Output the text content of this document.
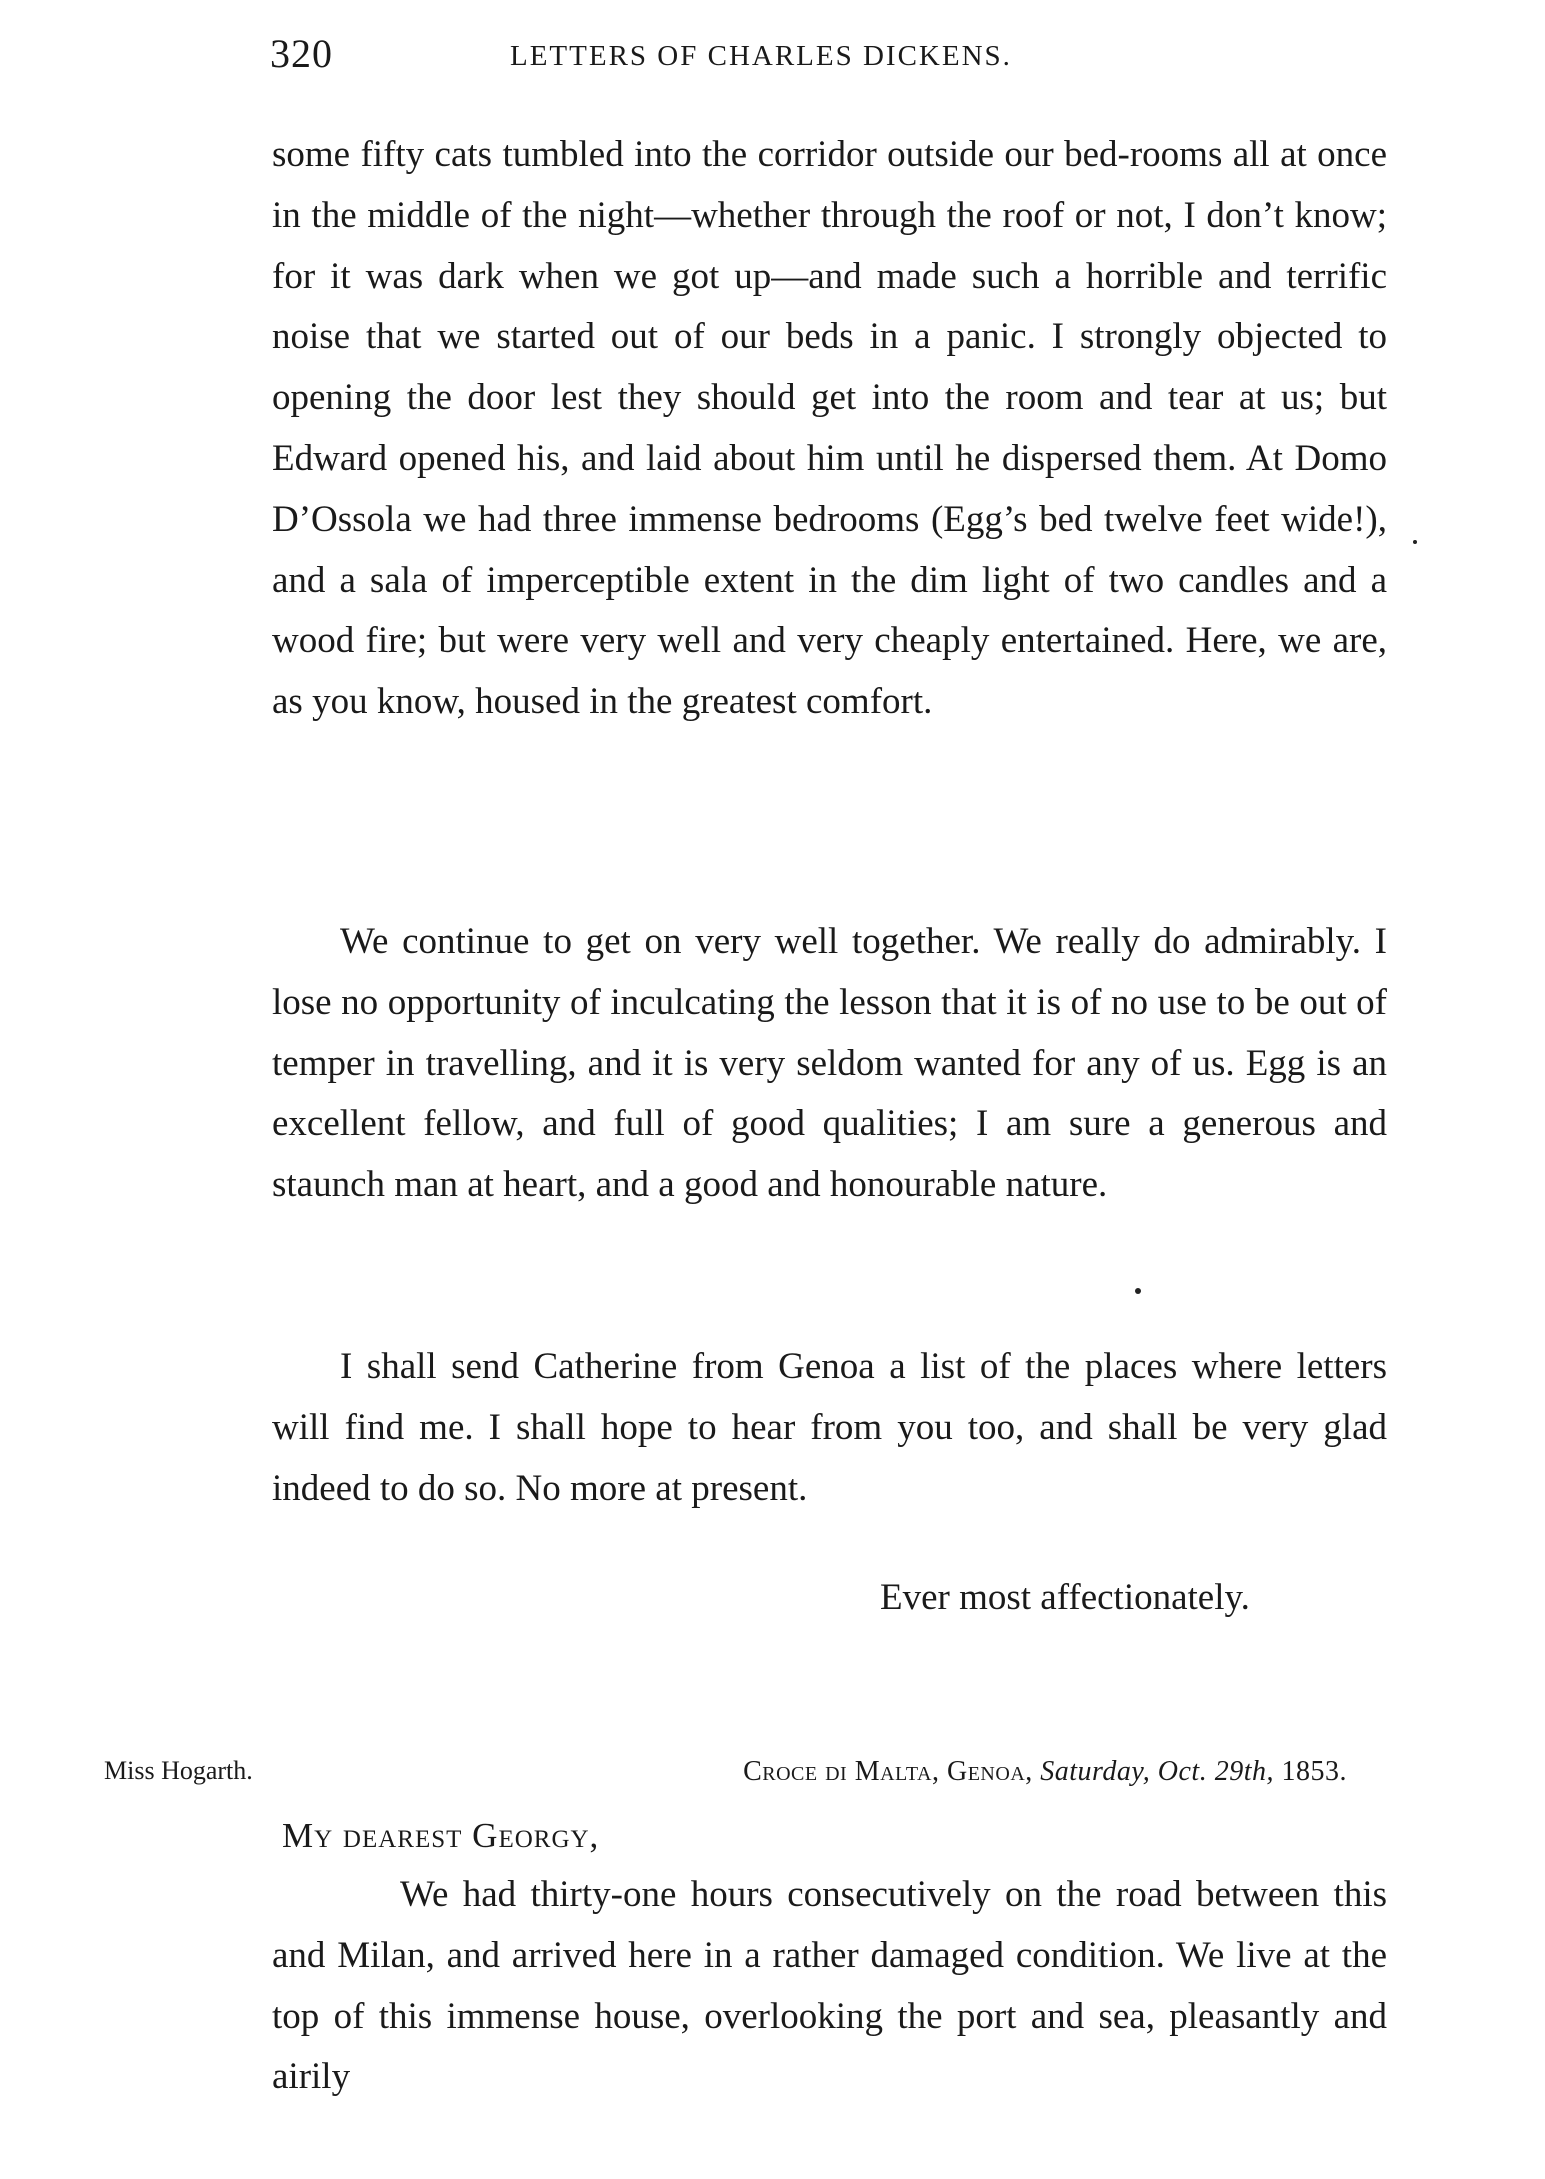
320	LETTERS OF CHARLES DICKENS.

some fifty cats tumbled into the corridor outside our bed-rooms all at once in the middle of the night—whether through the roof or not, I don’t know; for it was dark when we got up—and made such a horrible and terrific noise that we started out of our beds in a panic. I strongly objected to opening the door lest they should get into the room and tear at us; but Edward opened his, and laid about him until he dispersed them. At Domo D’Ossola we had three immense bedrooms (Egg’s bed twelve feet wide!), and a sala of imperceptible extent in the dim light of two candles and a wood fire; but were very well and very cheaply entertained. Here, we are, as you know, housed in the greatest comfort.

We continue to get on very well together. We really do admirably. I lose no opportunity of inculcating the lesson that it is of no use to be out of temper in travelling, and it is very seldom wanted for any of us. Egg is an excellent fellow, and full of good qualities; I am sure a generous and staunch man at heart, and a good and honourable nature.

I shall send Catherine from Genoa a list of the places where letters will find me. I shall hope to hear from you too, and shall be very glad indeed to do so. No more at present.

Ever most affectionately.
Miss Hogarth.	Croce di Malta, Genoa, Saturday, Oct. 29th, 1853.
My dearest Georgy,

We had thirty-one hours consecutively on the road between this and Milan, and arrived here in a rather damaged condition. We live at the top of this immense house, overlooking the port and sea, pleasantly and airily
